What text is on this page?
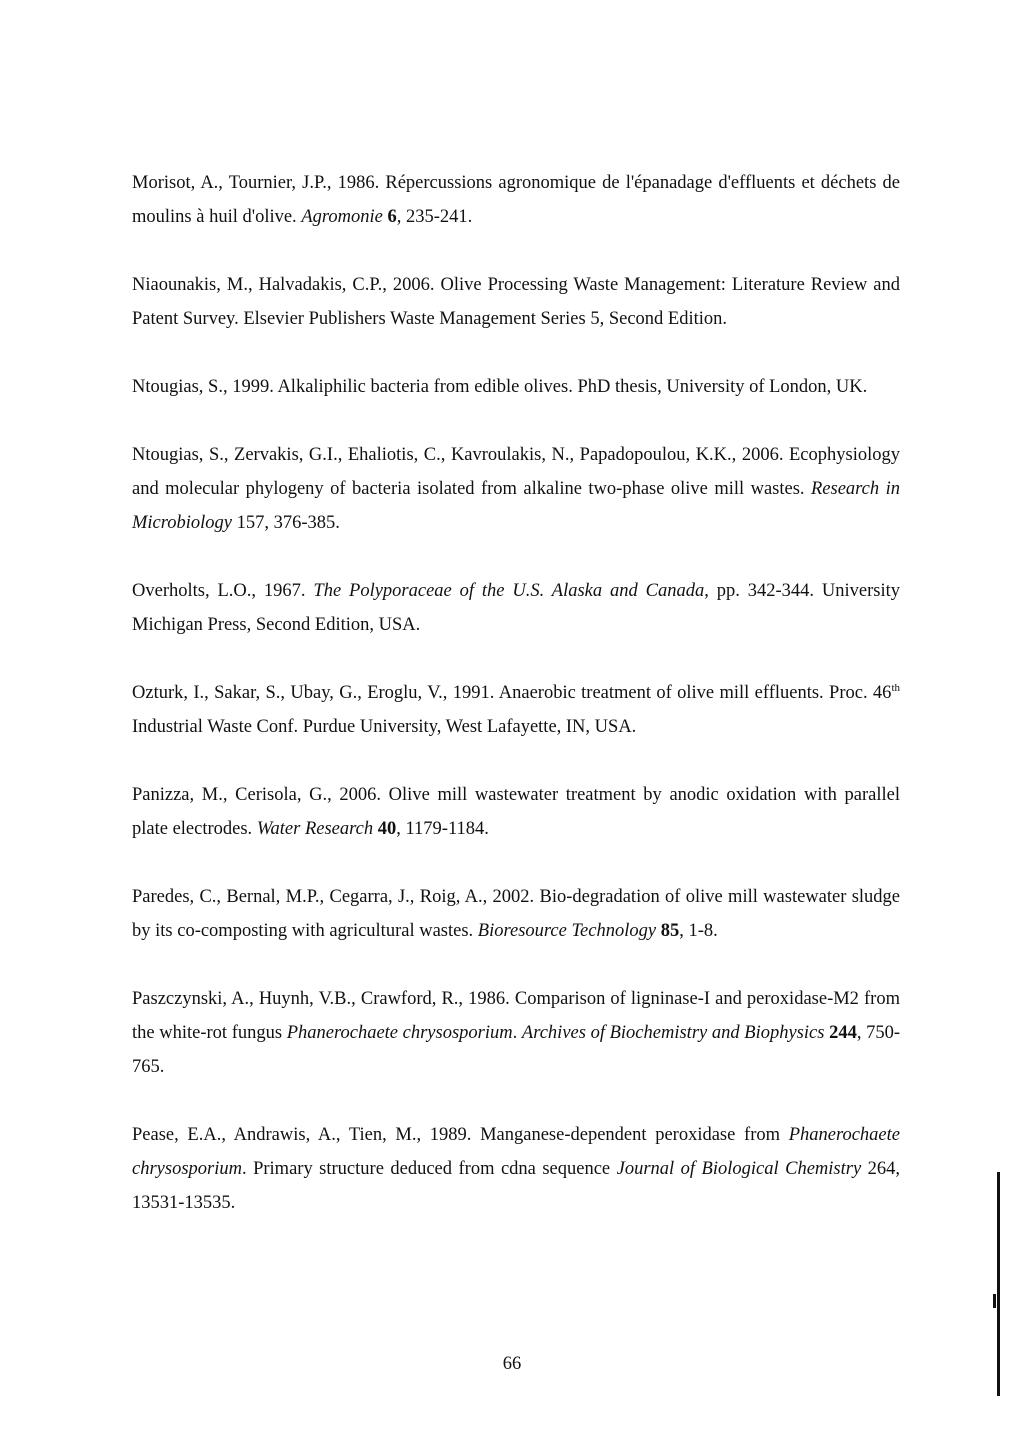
Morisot, A., Tournier, J.P., 1986. Répercussions agronomique de l'épanadage d'effluents et déchets de moulins à huil d'olive. Agromonie 6, 235-241.

Niaounakis, M., Halvadakis, C.P., 2006. Olive Processing Waste Management: Literature Review and Patent Survey. Elsevier Publishers Waste Management Series 5, Second Edition.

Ntougias, S., 1999. Alkaliphilic bacteria from edible olives. PhD thesis, University of London, UK.

Ntougias, S., Zervakis, G.I., Ehaliotis, C., Kavroulakis, N., Papadopoulou, K.K., 2006. Ecophysiology and molecular phylogeny of bacteria isolated from alkaline two-phase olive mill wastes. Research in Microbiology 157, 376-385.

Overholts, L.O., 1967. The Polyporaceae of the U.S. Alaska and Canada, pp. 342-344. University Michigan Press, Second Edition, USA.

Ozturk, I., Sakar, S., Ubay, G., Eroglu, V., 1991. Anaerobic treatment of olive mill effluents. Proc. 46th Industrial Waste Conf. Purdue University, West Lafayette, IN, USA.

Panizza, M., Cerisola, G., 2006. Olive mill wastewater treatment by anodic oxidation with parallel plate electrodes. Water Research 40, 1179-1184.

Paredes, C., Bernal, M.P., Cegarra, J., Roig, A., 2002. Bio-degradation of olive mill wastewater sludge by its co-composting with agricultural wastes. Bioresource Technology 85, 1-8.

Paszczynski, A., Huynh, V.B., Crawford, R., 1986. Comparison of ligninase-I and peroxidase-M2 from the white-rot fungus Phanerochaete chrysosporium. Archives of Biochemistry and Biophysics 244, 750-765.

Pease, E.A., Andrawis, A., Tien, M., 1989. Manganese-dependent peroxidase from Phanerochaete chrysosporium. Primary structure deduced from cdna sequence Journal of Biological Chemistry 264, 13531-13535.

66
